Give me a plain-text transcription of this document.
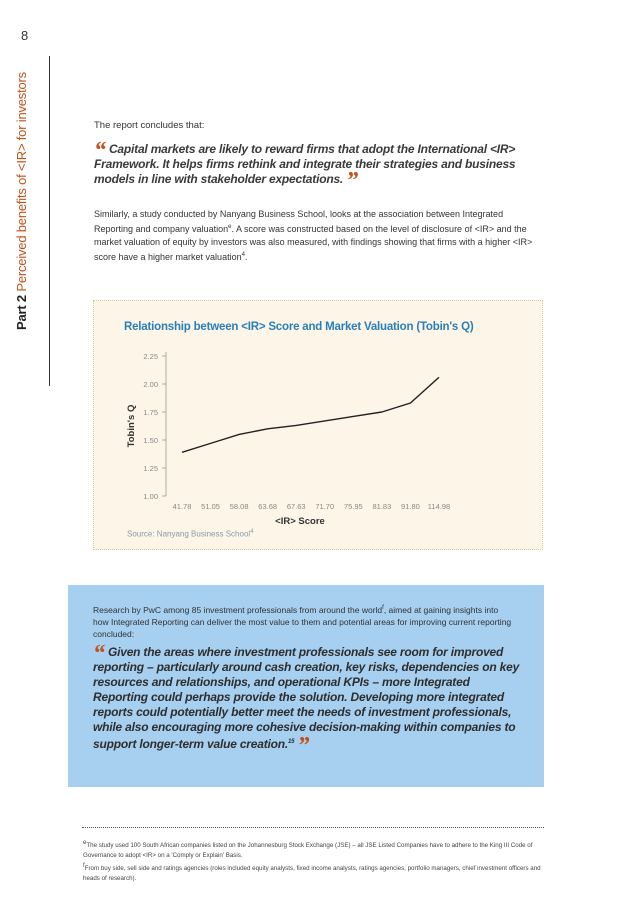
8
Part 2 Perceived benefits of <IR> for investors	The report concludes that:
“ Capital markets are likely to reward firms that adopt the International <IR> Framework. It helps firms rethink and integrate their strategies and business models in line with stakeholder expectations. ”
Similarly, a study conducted by Nanyang Business School, looks at the association between Integrated Reporting and company valuation$^e$. A score was constructed based on the level of disclosure of <IR> and the market valuation of equity by investors was also measured, with findings showing that firms with a higher <IR> score have a higher market valuation$^4$.
Relationship between <IR> Score and Market Valuation (Tobin's Q)
1.00
1.25
1.50
1.75
2.00
2.25
41.78 51.05 58.08 63.68 67.63 71.70 75.95 81.83 91.80 114.98
Tobin's Q
<IR> Score
Source: Nanyang Business School$^4$
Research by PwC among 85 investment professionals from around the world$^f$, aimed at gaining insights into how Integrated Reporting can deliver the most value to them and potential areas for improving current reporting concluded:
“ Given the areas where investment professionals see room for improved reporting – particularly around cash creation, key risks, dependencies on key resources and relationships, and operational KPIs – more Integrated Reporting could perhaps provide the solution. Developing more integrated reports could potentially better meet the needs of investment professionals, while also encouraging more cohesive decision-making within companies to support longer-term value creation.$^{15}$ ”
$^e$The study used 100 South African companies listed on the Johannesburg Stock Exchange (JSE) – all JSE Listed Companies have to adhere to the King III Code of Governance to adopt <IR> on a 'Comply or Explain' Basis.
$^f$From buy side, sell side and ratings agencies (roles included equity analysts, fixed income analysts, ratings agencies, portfolio managers, chief investment officers and heads of research).
